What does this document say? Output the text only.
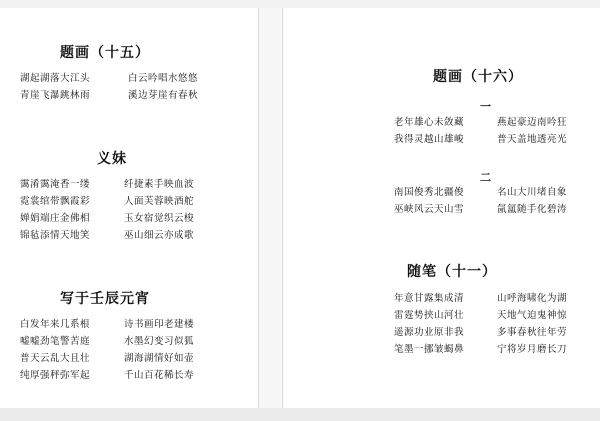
题画（十五）
湖起湖落大江头
青崖飞瀑跳林雨
白云吟唱水悠悠
溪边芽崖有春秋
义妹
霭淆霭淹香一缕
霓裳绾带飘霞彩
婵娟端庄金佛相
锦毡添情天地笑
纤捷素手映血波
人面芙蓉映酒舵
玉女宿觉织云梭
巫山细云亦成歌
写于壬辰元宵
白发年来几系根
嘘嘘劲笔警苦庭
普天云乱大且壮
纯厚强秤弥军起
诗书画印老建楼
水墨幻变习似狐
湖海湖情好如壶
千山百花稀长寿
题画（十六）
一
老年雄心未敛藏
我得灵越山雄峻
燕起豪迈南吟狂
普天盖地透亮光
二
南国俊秀北疆俊
巫峡风云天山雪
名山大川堵自象
氤氲随手化碧涛
随笔（十一）
年意甘露集成清
雷霆势挟山河壮
遥源功业原非我
笔墨一挪皱蝎鼻
山呼海啸化为湖
天地气迫鬼神惊
多事春秋往年劳
宁将岁月磨长刀
